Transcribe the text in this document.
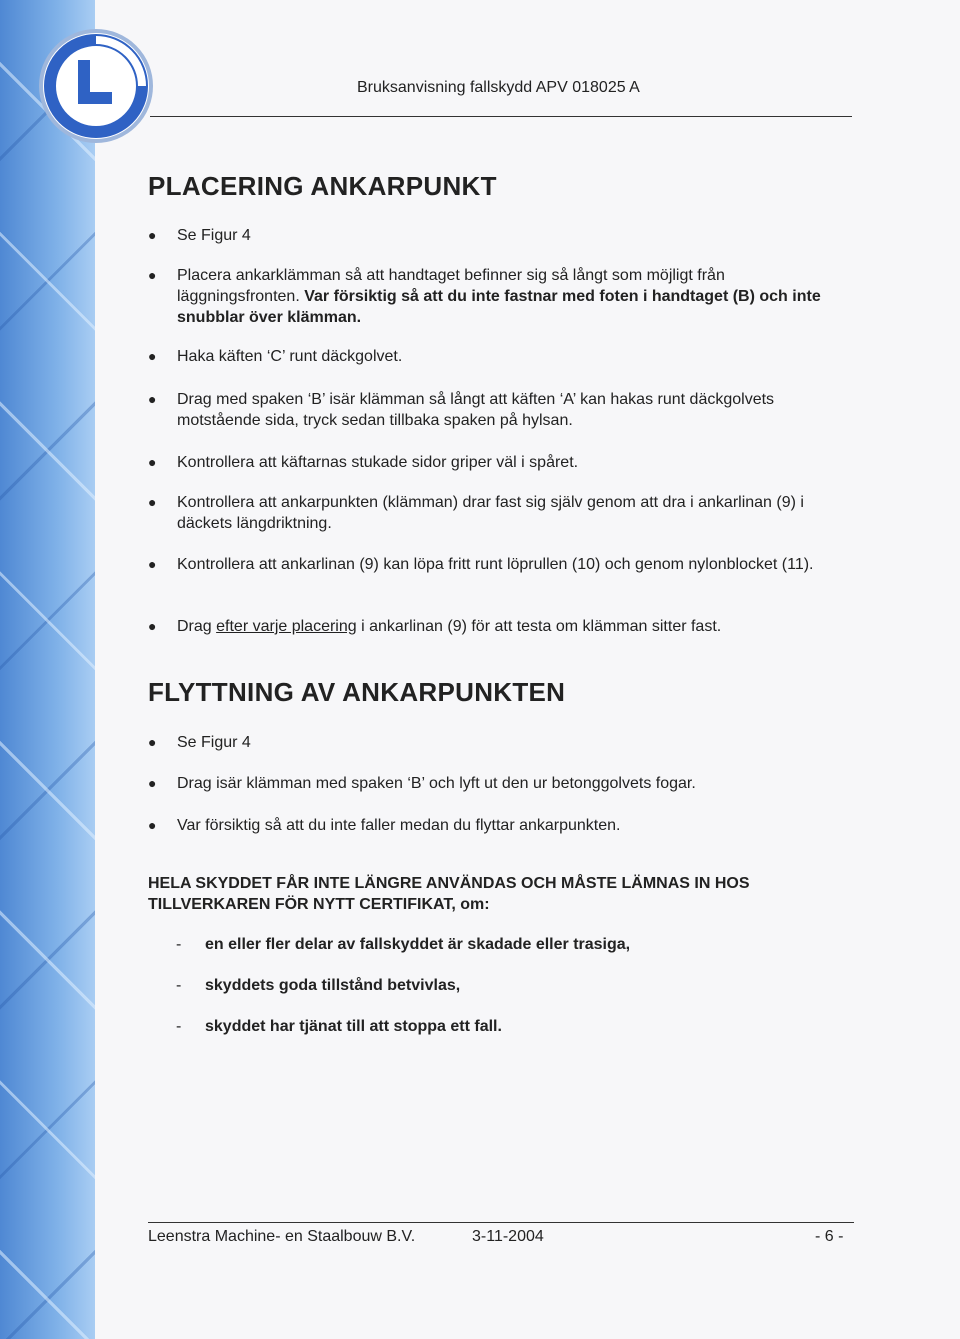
Bruksanvisning fallskydd APV 018025 A
PLACERING ANKARPUNKT
●	Se Figur 4
●	Placera ankarklämman så att handtaget befinner sig så långt som möjligt från läggningsfronten. Var försiktig så att du inte fastnar med foten i handtaget (B) och inte snubblar över klämman.
●	Haka käften ‘C’ runt däckgolvet.
●	Drag med spaken ‘B’ isär klämman så långt att käften ‘A’ kan hakas runt däckgolvets motstående sida, tryck sedan tillbaka spaken på hylsan.
●	Kontrollera att käftarnas stukade sidor griper väl i spåret.
●	Kontrollera att ankarpunkten (klämman) drar fast sig själv genom att dra i ankarlinan (9) i däckets längdriktning.
●	Kontrollera att ankarlinan (9) kan löpa fritt runt löprullen (10) och genom nylonblocket (11).
●	Drag efter varje placering i ankarlinan (9) för att testa om klämman sitter fast.
FLYTTNING AV ANKARPUNKTEN
●	Se Figur 4
●	Drag isär klämman med spaken ‘B’ och lyft ut den ur betonggolvets fogar.
●	Var försiktig så att du inte faller medan du flyttar ankarpunkten.
HELA SKYDDET FÅR INTE LÄNGRE ANVÄNDAS OCH MÅSTE LÄMNAS IN HOS TILLVERKAREN FÖR NYTT CERTIFIKAT, om:
- en eller fler delar av fallskyddet är skadade eller trasiga,
- skyddets goda tillstånd betvivlas,
- skyddet har tjänat till att stoppa ett fall.
Leenstra Machine- en Staalbouw B.V.	3-11-2004	- 6 -
